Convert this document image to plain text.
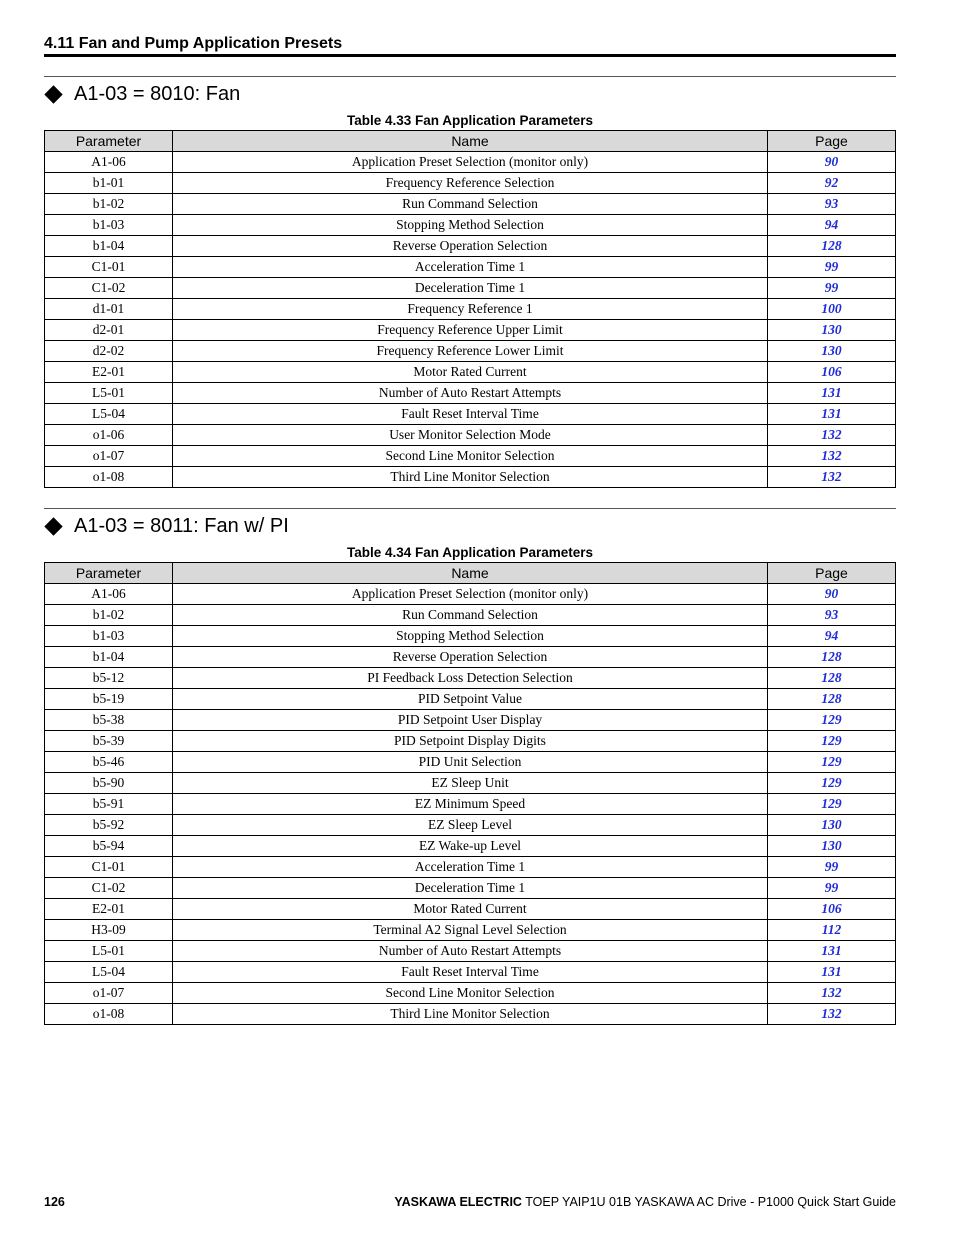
4.11 Fan and Pump Application Presets
A1-03 = 8010: Fan
Table 4.33 Fan Application Parameters
Parameter	Name	Page
A1-06	Application Preset Selection (monitor only)	90
b1-01	Frequency Reference Selection	92
b1-02	Run Command Selection	93
b1-03	Stopping Method Selection	94
b1-04	Reverse Operation Selection	128
C1-01	Acceleration Time 1	99
C1-02	Deceleration Time 1	99
d1-01	Frequency Reference 1	100
d2-01	Frequency Reference Upper Limit	130
d2-02	Frequency Reference Lower Limit	130
E2-01	Motor Rated Current	106
L5-01	Number of Auto Restart Attempts	131
L5-04	Fault Reset Interval Time	131
o1-06	User Monitor Selection Mode	132
o1-07	Second Line Monitor Selection	132
o1-08	Third Line Monitor Selection	132
A1-03 = 8011: Fan w/ PI
Table 4.34 Fan Application Parameters
Parameter	Name	Page
A1-06	Application Preset Selection (monitor only)	90
b1-02	Run Command Selection	93
b1-03	Stopping Method Selection	94
b1-04	Reverse Operation Selection	128
b5-12	PI Feedback Loss Detection Selection	128
b5-19	PID Setpoint Value	128
b5-38	PID Setpoint User Display	129
b5-39	PID Setpoint Display Digits	129
b5-46	PID Unit Selection	129
b5-90	EZ Sleep Unit	129
b5-91	EZ Minimum Speed	129
b5-92	EZ Sleep Level	130
b5-94	EZ Wake-up Level	130
C1-01	Acceleration Time 1	99
C1-02	Deceleration Time 1	99
E2-01	Motor Rated Current	106
H3-09	Terminal A2 Signal Level Selection	112
L5-01	Number of Auto Restart Attempts	131
L5-04	Fault Reset Interval Time	131
o1-07	Second Line Monitor Selection	132
o1-08	Third Line Monitor Selection	132
126	YASKAWA ELECTRIC TOEP YAIP1U 01B YASKAWA AC Drive - P1000 Quick Start Guide
